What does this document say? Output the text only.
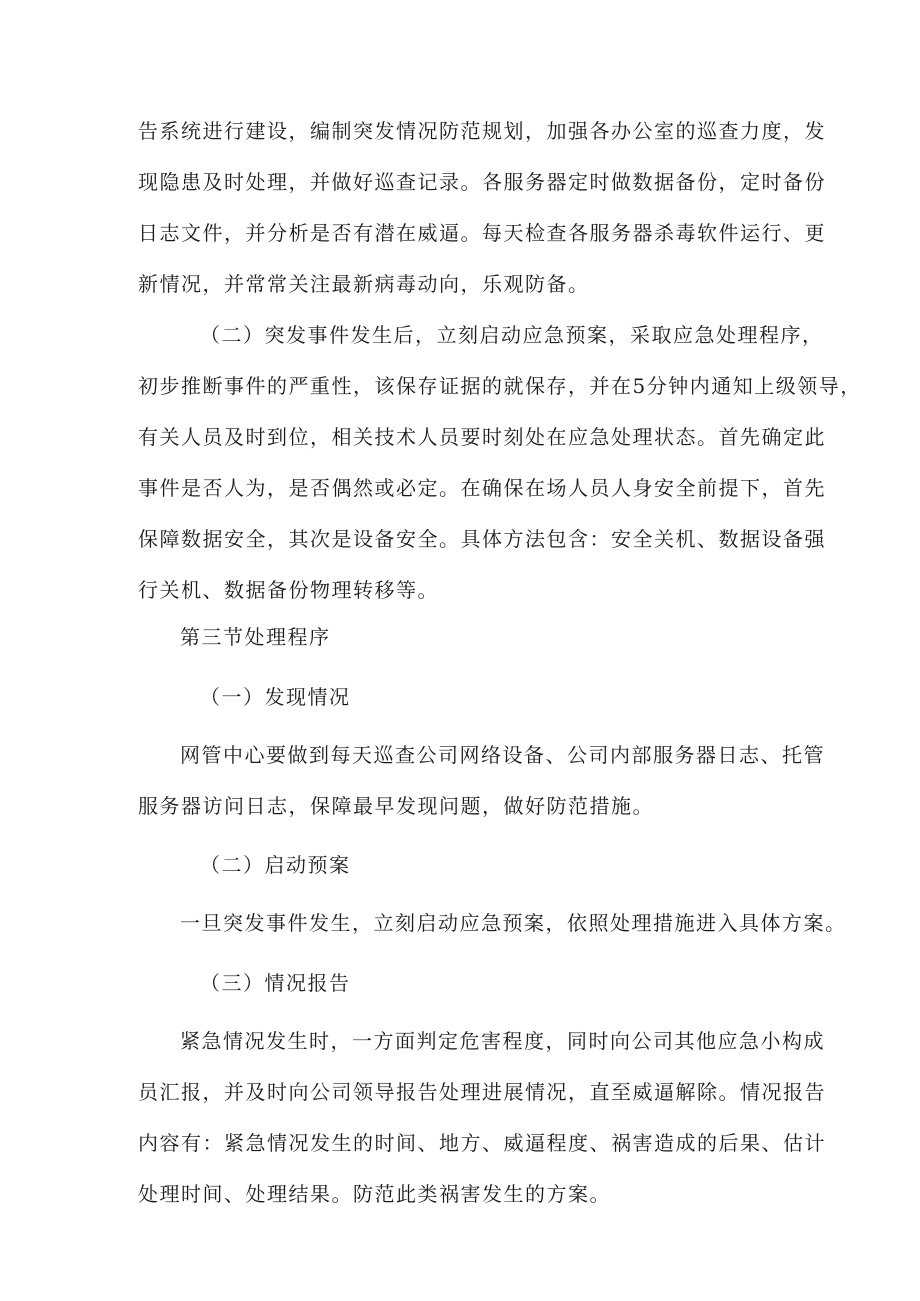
告系统进行建设，编制突发情况防范规划，加强各办公室的巡查力度，发
现隐患及时处理，并做好巡查记录。各服务器定时做数据备份，定时备份
日志文件，并分析是否有潜在威逼。每天检查各服务器杀毒软件运行、更
新情况，并常常关注最新病毒动向，乐观防备。
（二）突发事件发生后，立刻启动应急预案，采取应急处理程序，
初步推断事件的严重性，该保存证据的就保存，并在5分钟内通知上级领导，
有关人员及时到位，相关技术人员要时刻处在应急处理状态。首先确定此
事件是否人为，是否偶然或必定。在确保在场人员人身安全前提下，首先
保障数据安全，其次是设备安全。具体方法包含：安全关机、数据设备强
行关机、数据备份物理转移等。
第三节处理程序
（一）发现情况
网管中心要做到每天巡查公司网络设备、公司内部服务器日志、托管
服务器访问日志，保障最早发现问题，做好防范措施。
（二）启动预案
一旦突发事件发生，立刻启动应急预案，依照处理措施进入具体方案。
（三）情况报告
紧急情况发生时，一方面判定危害程度，同时向公司其他应急小构成
员汇报，并及时向公司领导报告处理进展情况，直至威逼解除。情况报告
内容有：紧急情况发生的时间、地方、威逼程度、祸害造成的后果、估计
处理时间、处理结果。防范此类祸害发生的方案。
